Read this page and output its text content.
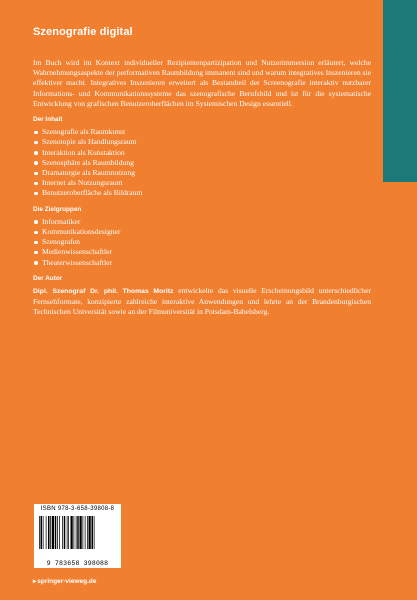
Szenografie digital

Im Buch wird im Kontext individueller Rezipientenpartizipation und Nutzerimmersion erläutert, welche Wahrnehmungsaspekte der performativen Raumbildung immanent sind und warum integratives Inszenieren sie effektiver macht. Integratives Inszenieren erweitert als Bestandteil der Screenografie interaktiv nutzbarer Informations- und Kommunikationssysteme das szenografische Berufsbild und ist für die systematische Entwicklung von grafischen Benutzeroberflächen im Systemischen Design essentiell.

Der Inhalt
Szenografie als Raumkunst
Szenotopie als Handlungsraum
Interaktion als Kunstaktion
Szenosphäre als Raumbildung
Dramaturgie als Raumnutzung
Internet als Nutzungsraum
Benutzeroberfläche als Bildraum
Die Zielgruppen
Informatiker
Kommunikationsdesigner
Szenografen
Medienwissenschaftler
Theaterwissenschaftler
Der Autor

Dipl. Szenograf Dr. phil. Thomas Moritz entwickelte das visuelle Erscheinungsbild unterschiedlicher Fernsehformate, konzipierte zahlreiche interaktive Anwendungen und lehrte an der Brandenburgischen Technischen Universität sowie an der Filmuniversität in Potsdam-Babelsberg.

ISBN 978-3-658-39808-8
9 783658 398088
▸springer-vieweg.de
